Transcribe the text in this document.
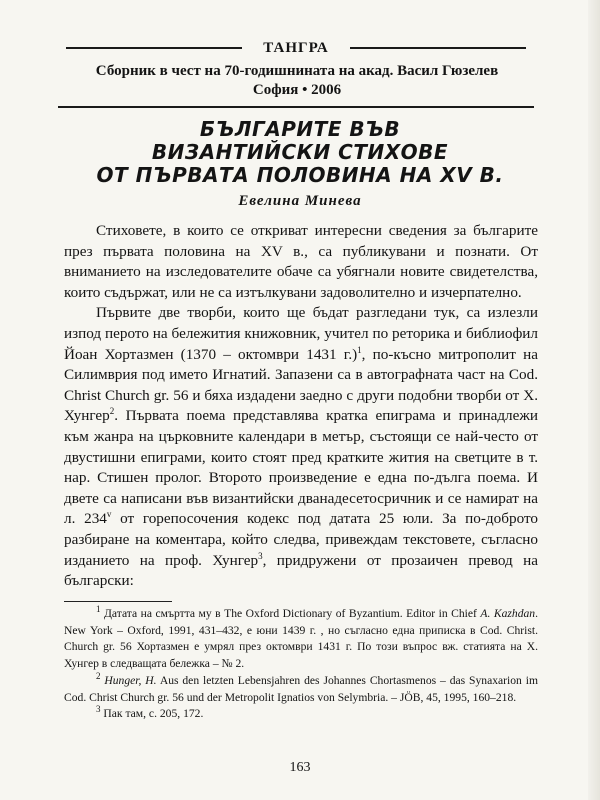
ТАНГРА
Сборник в чест на 70-годишнината на акад. Васил Гюзелев
София • 2006
БЪЛГАРИТЕ ВЪВ
ВИЗАНТИЙСКИ СТИХОВЕ
ОТ ПЪРВАТА ПОЛОВИНА НА XV В.
Евелина Минева

Стиховете, в които се откриват интересни сведения за българите през първата половина на XV в., са публикувани и познати. От вниманието на изследователите обаче са убягнали новите свидетелства, които съдържат, или не са изтълкувани задоволително и изчерпателно.

Първите две творби, които ще бъдат разгледани тук, са излезли изпод перото на бележития книжовник, учител по реторика и библиофил Йоан Хортазмен (1370 – октомври 1431 г.)$^1$, по-късно митрополит на Силимврия под името Игнатий. Запазени са в автографната част на Cod. Christ Church gr. 56 и бяха издадени заедно с други подобни творби от Х. Хунгер$^2$. Първата поема представлява кратка епиграма и принадлежи към жанра на църковните календари в метър, състоящи се най-често от двустишни епиграми, които стоят пред кратките жития на светците в т. нар. Стишен пролог. Второто произведение е една по-дълга поема. И двете са написани във византийски дванадесетосричник и се намират на л. 234$^v$ от горепосочения кодекс под датата 25 юли. За по-доброто разбиране на коментара, който следва, привеждам текстовете, съгласно изданието на проф. Хунгер$^3$, придружени от прозаичен превод на български:

$^1$ Датата на смъртта му в The Oxford Dictionary of Byzantium. Editor in Chief A. Kazhdan. New York – Oxford, 1991, 431–432, е юни 1439 г. , но съгласно една приписка в Cod. Christ. Church gr. 56 Хортазмен е умрял през октомври 1431 г. По този въпрос вж. статията на Х. Хунгер в следващата бележка – № 2.

$^2$ Hunger, H. Aus den letzten Lebensjahren des Johannes Chortasmenos – das Synaxarion im Cod. Christ Church gr. 56 und der Metropolit Ignatios von Selymbria. – JÖB, 45, 1995, 160–218.

$^3$ Пак там, с. 205, 172.

163
